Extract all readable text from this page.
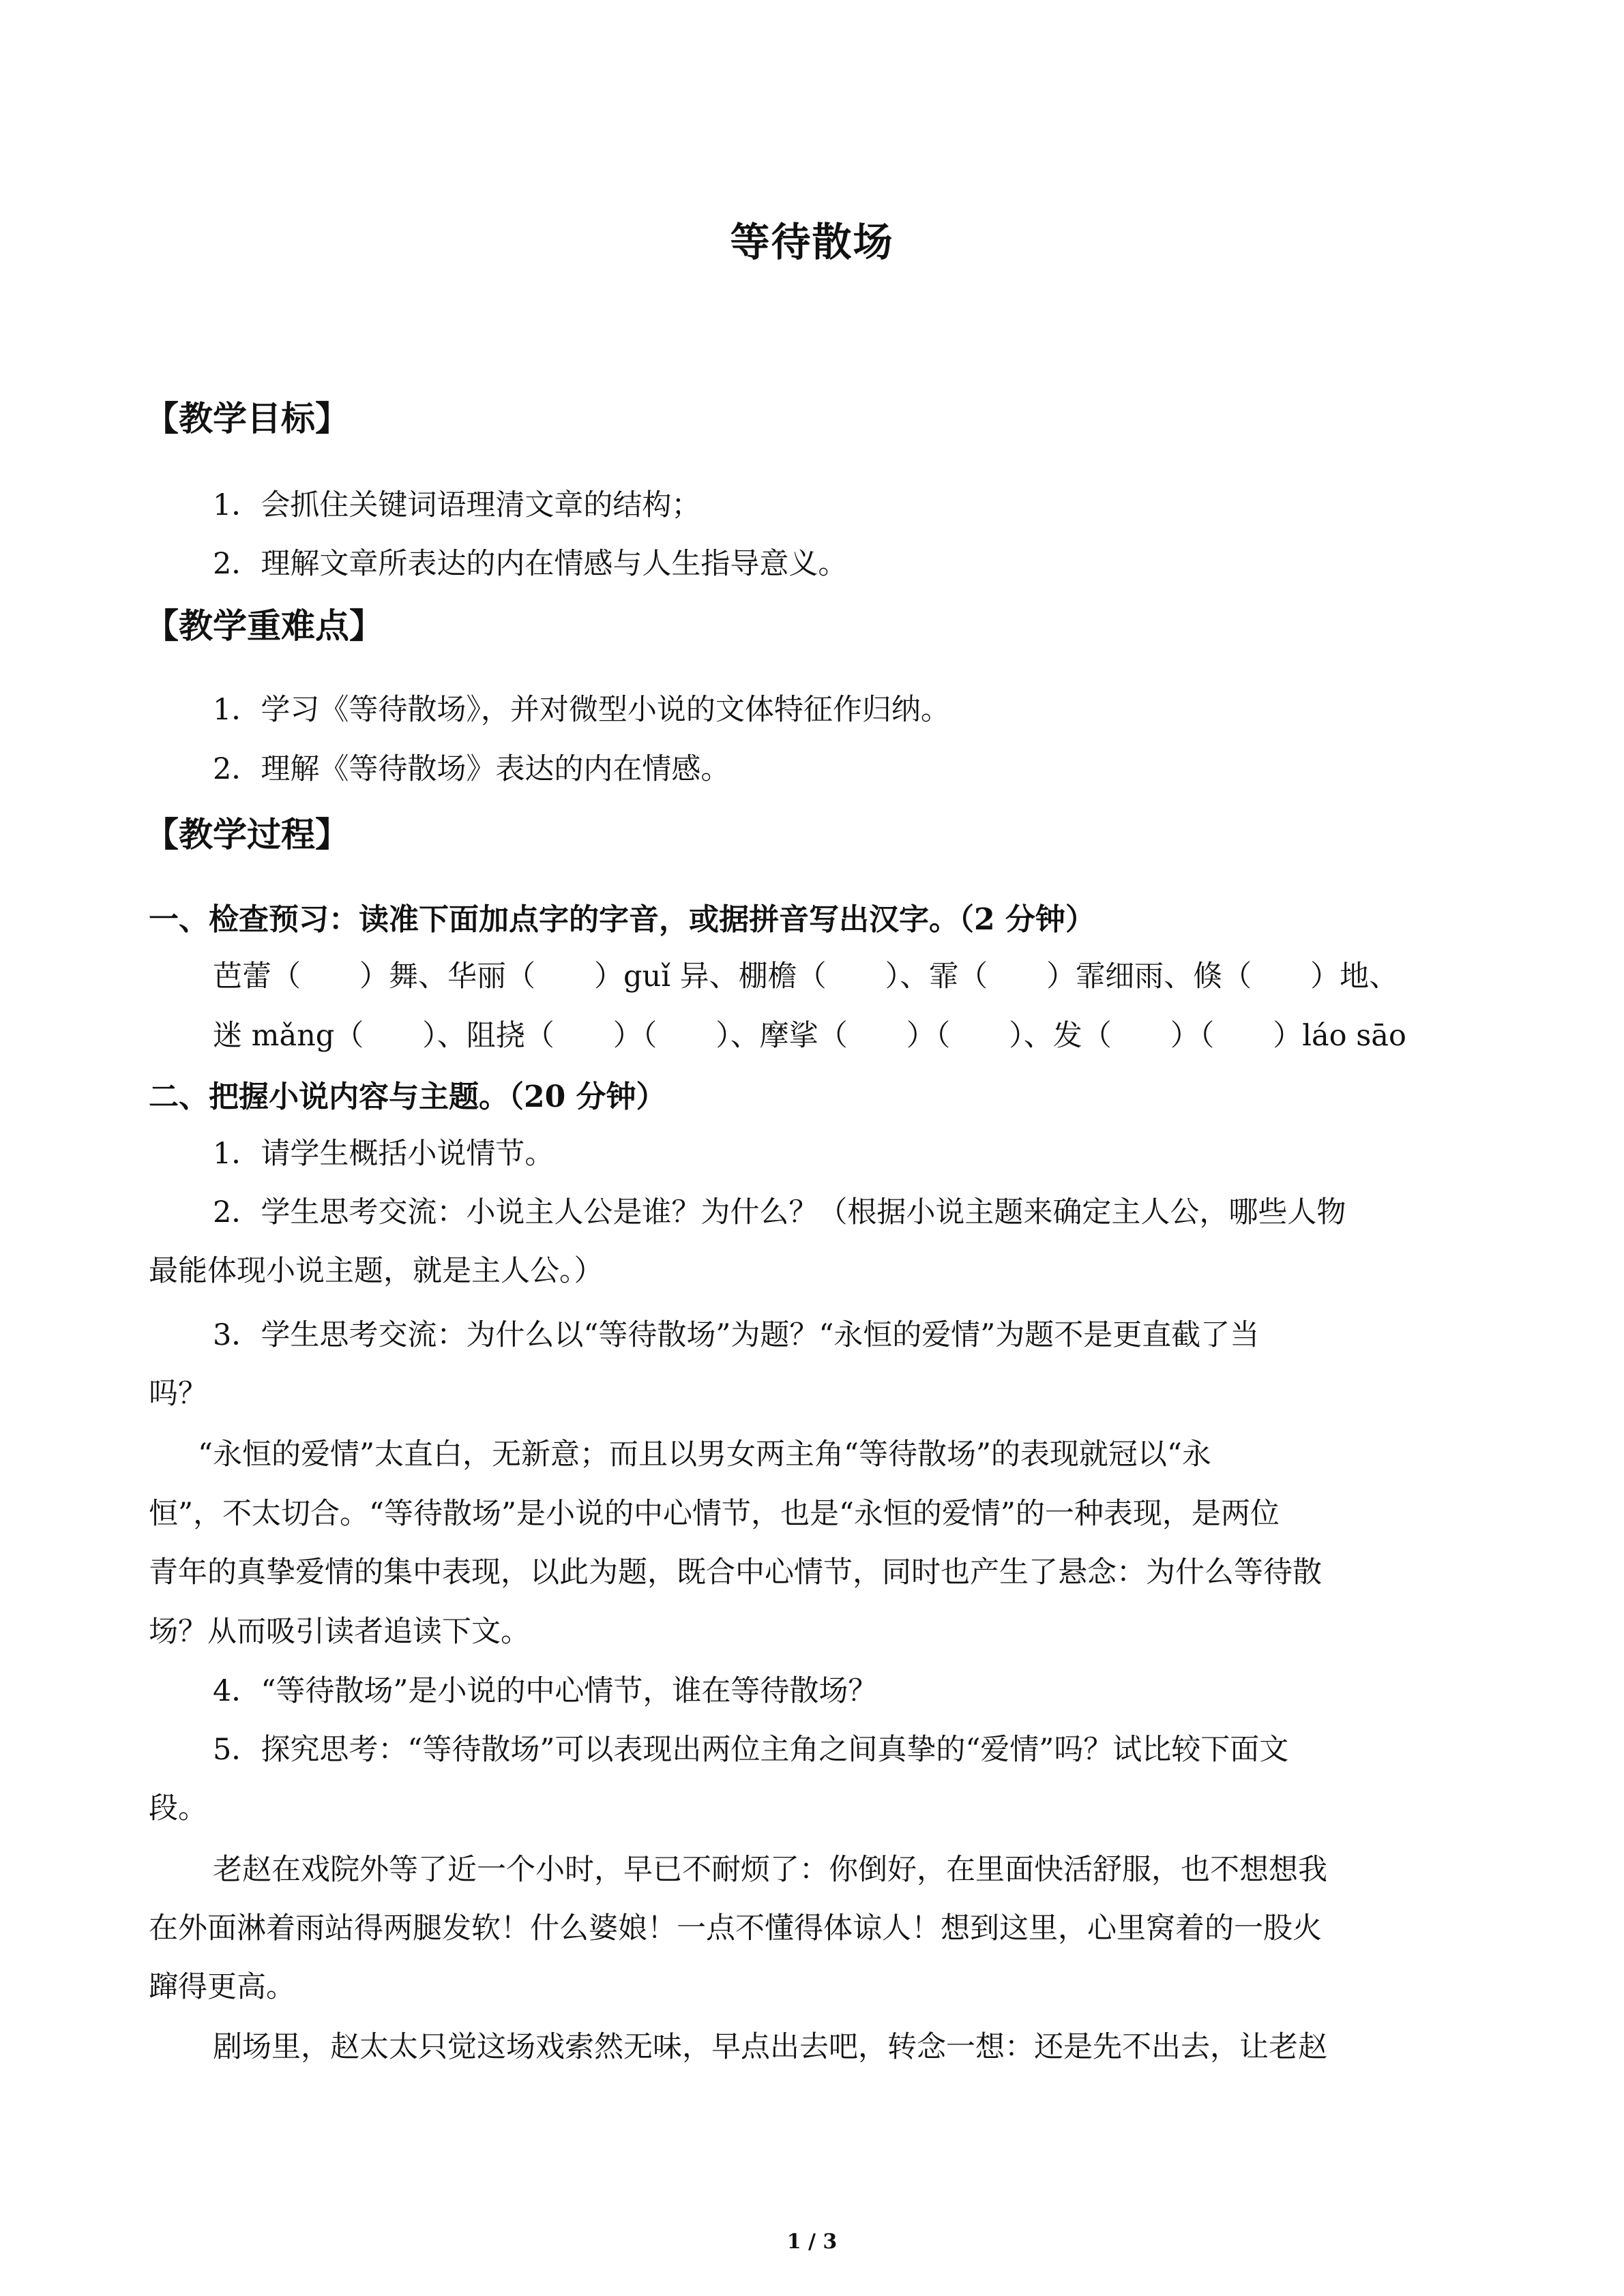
等待散场
【教学目标】
1．会抓住关键词语理清文章的结构；
2．理解文章所表达的内在情感与人生指导意义。
【教学重难点】
1．学习《等待散场》，并对微型小说的文体特征作归纳。
2．理解《等待散场》表达的内在情感。
【教学过程】
一、检查预习：读准下面加点字的字音，或据拼音写出汉字。（2 分钟）
芭蕾（　　）舞、华丽（　　）guǐ 异、棚檐（　　）、霏（　　）霏细雨、倏（　　）地、
迷 mǎng（　　）、阻挠（　　）（　　）、摩挲（　　）（　　）、发（　　）（　　）láo sāo
二、把握小说内容与主题。（20 分钟）
1．请学生概括小说情节。
2．学生思考交流：小说主人公是谁？为什么？（根据小说主题来确定主人公，哪些人物
最能体现小说主题，就是主人公。）
3．学生思考交流：为什么以“等待散场”为题？“永恒的爱情”为题不是更直截了当
吗？
“永恒的爱情”太直白，无新意；而且以男女两主角“等待散场”的表现就冠以“永
恒”，不太切合。“等待散场”是小说的中心情节，也是“永恒的爱情”的一种表现，是两位
青年的真挚爱情的集中表现，以此为题，既合中心情节，同时也产生了悬念：为什么等待散
场？从而吸引读者追读下文。
4．“等待散场”是小说的中心情节，谁在等待散场？
5．探究思考：“等待散场”可以表现出两位主角之间真挚的“爱情”吗？试比较下面文
段。
老赵在戏院外等了近一个小时，早已不耐烦了：你倒好，在里面快活舒服，也不想想我
在外面淋着雨站得两腿发软！什么婆娘！一点不懂得体谅人！想到这里，心里窝着的一股火
蹿得更高。
剧场里，赵太太只觉这场戏索然无味，早点出去吧，转念一想：还是先不出去，让老赵
1 / 3
